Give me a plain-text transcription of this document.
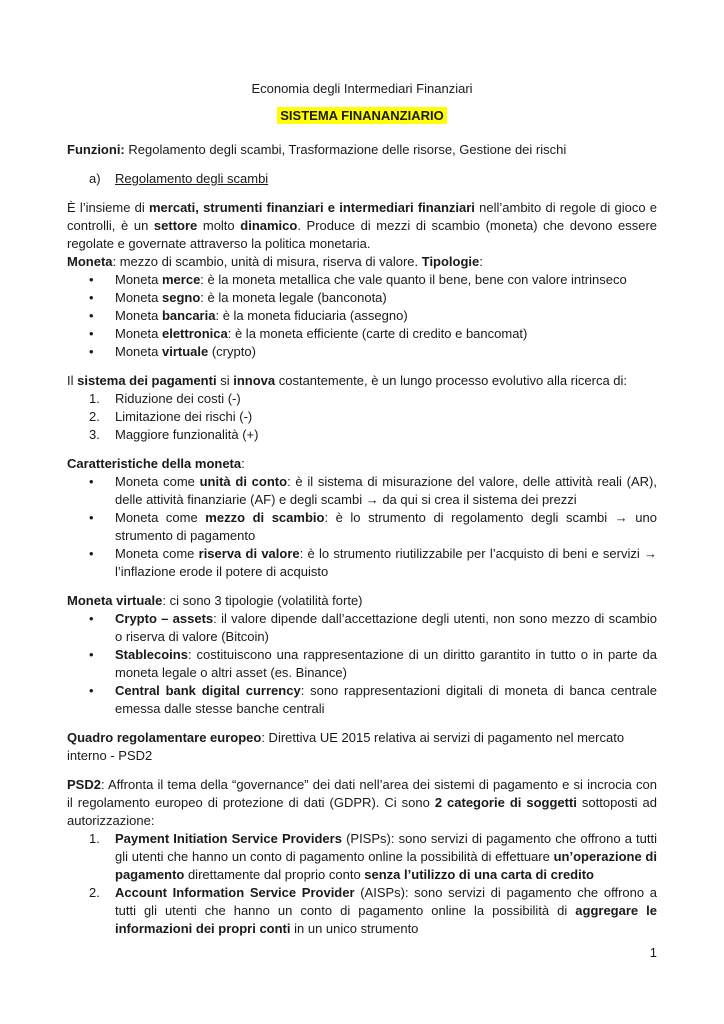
Economia degli Intermediari Finanziari
SISTEMA FINANANZIARIO
Funzioni: Regolamento degli scambi, Trasformazione delle risorse, Gestione dei rischi
a) Regolamento degli scambi
È l’insieme di mercati, strumenti finanziari e intermediari finanziari nell’ambito di regole di gioco e controlli, è un settore molto dinamico. Produce di mezzi di scambio (moneta) che devono essere regolate e governate attraverso la politica monetaria.
Moneta: mezzo di scambio, unità di misura, riserva di valore. Tipologie:
•	Moneta merce: è la moneta metallica che vale quanto il bene, bene con valore intrinseco
•	Moneta segno: è la moneta legale (banconota)
•	Moneta bancaria: è la moneta fiduciaria (assegno)
•	Moneta elettronica: è la moneta efficiente (carte di credito e bancomat)
•	Moneta virtuale (crypto)
Il sistema dei pagamenti si innova costantemente, è un lungo processo evolutivo alla ricerca di:
1.	Riduzione dei costi (-)
2.	Limitazione dei rischi (-)
3.	Maggiore funzionalità (+)
Caratteristiche della moneta:
•	Moneta come unità di conto: è il sistema di misurazione del valore, delle attività reali (AR), delle attività finanziarie (AF) e degli scambi → da qui si crea il sistema dei prezzi
•	Moneta come mezzo di scambio: è lo strumento di regolamento degli scambi → uno strumento di pagamento
•	Moneta come riserva di valore: è lo strumento riutilizzabile per l’acquisto di beni e servizi → l’inflazione erode il potere di acquisto
Moneta virtuale: ci sono 3 tipologie (volatilità forte)
•	Crypto – assets: il valore dipende dall’accettazione degli utenti, non sono mezzo di scambio o riserva di valore (Bitcoin)
•	Stablecoins: costituiscono una rappresentazione di un diritto garantito in tutto o in parte da moneta legale o altri asset (es. Binance)
•	Central bank digital currency: sono rappresentazioni digitali di moneta di banca centrale emessa dalle stesse banche centrali
Quadro regolamentare europeo: Direttiva UE 2015 relativa ai servizi di pagamento nel mercato interno - PSD2
PSD2: Affronta il tema della “governance” dei dati nell’area dei sistemi di pagamento e si incrocia con il regolamento europeo di protezione di dati (GDPR). Ci sono 2 categorie di soggetti sottoposti ad autorizzazione:
1.	Payment Initiation Service Providers (PISPs): sono servizi di pagamento che offrono a tutti gli utenti che hanno un conto di pagamento online la possibilità di effettuare un’operazione di pagamento direttamente dal proprio conto senza l’utilizzo di una carta di credito
2.	Account Information Service Provider (AISPs): sono servizi di pagamento che offrono a tutti gli utenti che hanno un conto di pagamento online la possibilità di aggregare le informazioni dei propri conti in un unico strumento
1
